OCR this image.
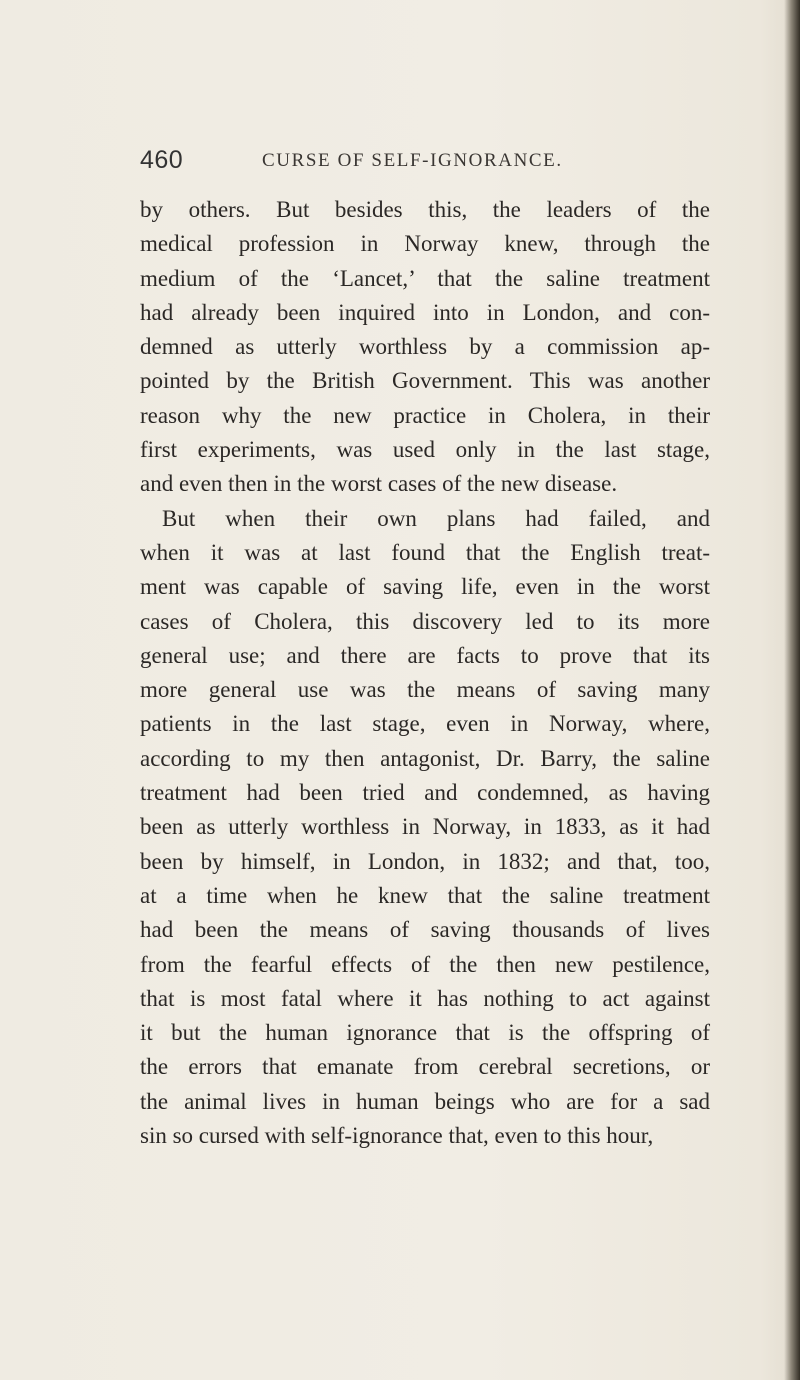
460	CURSE OF SELF-IGNORANCE.
by others. But besides this, the leaders of the
medical profession in Norway knew, through the
medium of the ‘Lancet,’ that the saline treatment
had already been inquired into in London, and con-
demned as utterly worthless by a commission ap-
pointed by the British Government. This was another
reason why the new practice in Cholera, in their
first experiments, was used only in the last stage,
and even then in the worst cases of the new disease.
But when their own plans had failed, and
when it was at last found that the English treat-
ment was capable of saving life, even in the worst
cases of Cholera, this discovery led to its more
general use; and there are facts to prove that its
more general use was the means of saving many
patients in the last stage, even in Norway, where,
according to my then antagonist, Dr. Barry, the saline
treatment had been tried and condemned, as having
been as utterly worthless in Norway, in 1833, as it had
been by himself, in London, in 1832; and that, too,
at a time when he knew that the saline treatment
had been the means of saving thousands of lives
from the fearful effects of the then new pestilence,
that is most fatal where it has nothing to act against
it but the human ignorance that is the offspring of
the errors that emanate from cerebral secretions, or
the animal lives in human beings who are for a sad
sin so cursed with self-ignorance that, even to this hour,
